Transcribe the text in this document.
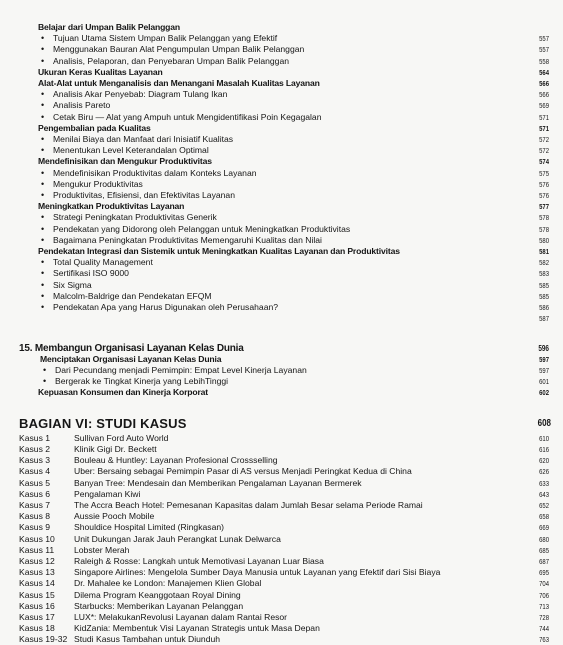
Belajar dari Umpan Balik Pelanggan
• Tujuan Utama Sistem Umpan Balik Pelanggan yang Efektif	557
• Menggunakan Bauran Alat Pengumpulan Umpan Balik Pelanggan	557
• Analisis, Pelaporan, dan Penyebaran Umpan Balik Pelanggan	558
Ukuran Keras Kualitas Layanan	564
Alat-Alat untuk Menganalisis dan Menangani Masalah Kualitas Layanan	566
• Analisis Akar Penyebab: Diagram Tulang Ikan	566
• Analisis Pareto	569
• Cetak Biru — Alat yang Ampuh untuk Mengidentifikasi Poin Kegagalan	571
Pengembalian pada Kualitas	571
• Menilai Biaya dan Manfaat dari Inisiatif Kualitas	572
• Menentukan Level Keterandalan Optimal	572
Mendefinisikan dan Mengukur Produktivitas	574
• Mendefinisikan Produktivitas dalam Konteks Layanan	575
• Mengukur Produktivitas	576
• Produktivitas, Efisiensi, dan Efektivitas Layanan	576
Meningkatkan Produktivitas Layanan	577
• Strategi Peningkatan Produktivitas Generik	578
• Pendekatan yang Didorong oleh Pelanggan untuk Meningkatkan Produktivitas	578
• Bagaimana Peningkatan Produktivitas Memengaruhi Kualitas dan Nilai	580
Pendekatan Integrasi dan Sistemik untuk Meningkatkan Kualitas Layanan dan Produktivitas	581
• Total Quality Management	582
• Sertifikasi ISO 9000	583
• Six Sigma	585
• Malcolm-Baldrige dan Pendekatan EFQM	585
• Pendekatan Apa yang Harus Digunakan oleh Perusahaan?	586
587
15. Membangun Organisasi Layanan Kelas Dunia	596
Menciptakan Organisasi Layanan Kelas Dunia	597
• Dari Pecundang menjadi Pemimpin: Empat Level Kinerja Layanan	597
• Bergerak ke Tingkat Kinerja yang LebihTinggi	601
Kepuasan Konsumen dan Kinerja Korporat	602
BAGIAN VI: STUDI KASUS	608
Kasus 1	Sullivan Ford Auto World	610
Kasus 2	Klinik Gigi Dr. Beckett	616
Kasus 3	Bouleau & Huntley: Layanan Profesional Crossselling	620
Kasus 4	Uber: Bersaing sebagai Pemimpin Pasar di AS versus Menjadi Peringkat Kedua di China	626
Kasus 5	Banyan Tree: Mendesain dan Memberikan Pengalaman Layanan Bermerek	633
Kasus 6	Pengalaman Kiwi	643
Kasus 7	The Accra Beach Hotel: Pemesanan Kapasitas dalam Jumlah Besar selama Periode Ramai	652
Kasus 8	Aussie Pooch Mobile	658
Kasus 9	Shouldice Hospital Limited (Ringkasan)	669
Kasus 10 Unit Dukungan Jarak Jauh Perangkat Lunak Delwarca	680
Kasus 11 Lobster Merah	685
Kasus 12 Raleigh & Rosse: Langkah untuk Memotivasi Layanan Luar Biasa	687
Kasus 13 Singapore Airlines: Mengelola Sumber Daya Manusia untuk Layanan yang Efektif dari Sisi Biaya	695
Kasus 14 Dr. Mahalee ke London: Manajemen Klien Global	704
Kasus 15 Dilema Program Keanggotaan Royal Dining	706
Kasus 16 Starbucks: Memberikan Layanan Pelanggan	713
Kasus 17 LUX*: MelakukanRevolusi Layanan dalam Rantai Resor	728
Kasus 18 KidZania: Membentuk Visi Layanan Strategis untuk Masa Depan	744
Kasus 19-32 Studi Kasus Tambahan untuk Diunduh	763
